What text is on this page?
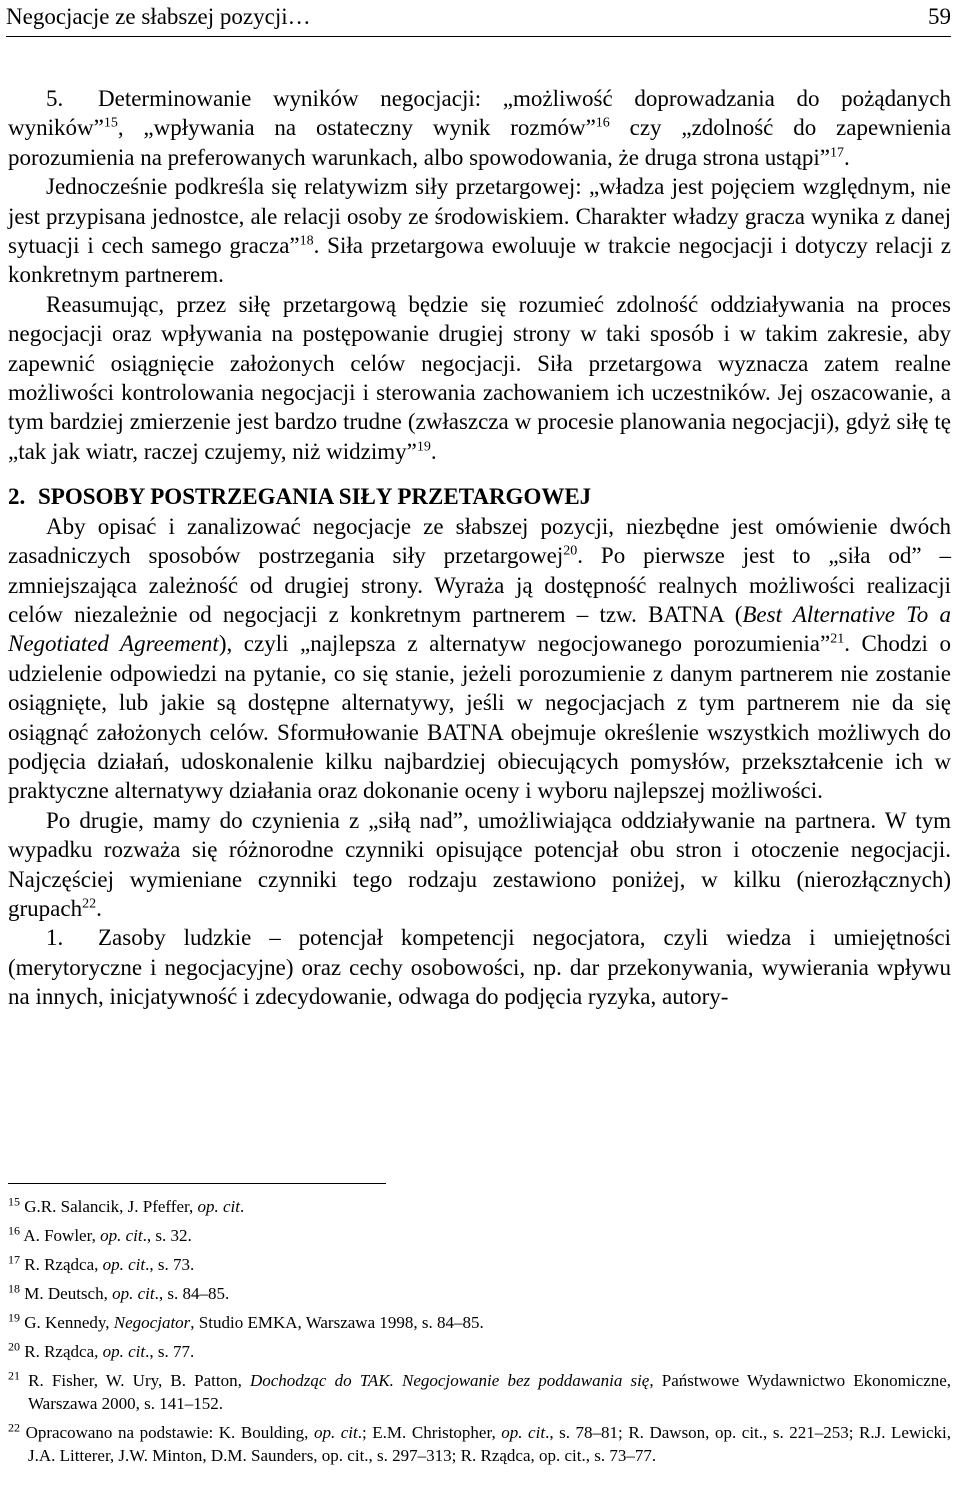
Negocjacje ze słabszej pozycji…	59

5. Determinowanie wyników negocjacji: „możliwość doprowadzania do pożądanych wyników”$^{15}$, „wpływania na ostateczny wynik rozmów”$^{16}$ czy „zdolność do zapewnienia porozumienia na preferowanych warunkach, albo spowodowania, że druga strona ustąpi”$^{17}$.

Jednocześnie podkreśla się relatywizm siły przetargowej: „władza jest pojęciem względnym, nie jest przypisana jednostce, ale relacji osoby ze środowiskiem. Charakter władzy gracza wynika z danej sytuacji i cech samego gracza”$^{18}$. Siła przetargowa ewoluuje w trakcie negocjacji i dotyczy relacji z konkretnym partnerem.

Reasumując, przez siłę przetargową będzie się rozumieć zdolność oddziaływania na proces negocjacji oraz wpływania na postępowanie drugiej strony w taki sposób i w takim zakresie, aby zapewnić osiągnięcie założonych celów negocjacji. Siła przetargowa wyznacza zatem realne możliwości kontrolowania negocjacji i sterowania zachowaniem ich uczestników. Jej oszacowanie, a tym bardziej zmierzenie jest bardzo trudne (zwłaszcza w procesie planowania negocjacji), gdyż siłę tę „tak jak wiatr, raczej czujemy, niż widzimy”$^{19}$.

2. SPOSOBY POSTRZEGANIA SIŁY PRZETARGOWEJ

Aby opisać i zanalizować negocjacje ze słabszej pozycji, niezbędne jest omówienie dwóch zasadniczych sposobów postrzegania siły przetargowej$^{20}$. Po pierwsze jest to „siła od” – zmniejszająca zależność od drugiej strony. Wyraża ją dostępność realnych możliwości realizacji celów niezależnie od negocjacji z konkretnym partnerem – tzw. BATNA (Best Alternative To a Negotiated Agreement), czyli „najlepsza z alternatyw negocjowanego porozumienia”$^{21}$. Chodzi o udzielenie odpowiedzi na pytanie, co się stanie, jeżeli porozumienie z danym partnerem nie zostanie osiągnięte, lub jakie są dostępne alternatywy, jeśli w negocjacjach z tym partnerem nie da się osiągnąć założonych celów. Sformułowanie BATNA obejmuje określenie wszystkich możliwych do podjęcia działań, udoskonalenie kilku najbardziej obiecujących pomysłów, przekształcenie ich w praktyczne alternatywy działania oraz dokonanie oceny i wyboru najlepszej możliwości.

Po drugie, mamy do czynienia z „siłą nad”, umożliwiająca oddziaływanie na partnera. W tym wypadku rozważa się różnorodne czynniki opisujące potencjał obu stron i otoczenie negocjacji. Najczęściej wymieniane czynniki tego rodzaju zestawiono poniżej, w kilku (nierozłącznych) grupach$^{22}$.

1. Zasoby ludzkie – potencjał kompetencji negocjatora, czyli wiedza i umiejętności (merytoryczne i negocjacyjne) oraz cechy osobowości, np. dar przekonywania, wywierania wpływu na innych, inicjatywność i zdecydowanie, odwaga do podjęcia ryzyka, autory-

$^{15}$ G.R. Salancik, J. Pfeffer, op. cit.

$^{16}$ A. Fowler, op. cit., s. 32.

$^{17}$ R. Rządca, op. cit., s. 73.

$^{18}$ M. Deutsch, op. cit., s. 84–85.

$^{19}$ G. Kennedy, Negocjator, Studio EMKA, Warszawa 1998, s. 84–85.

$^{20}$ R. Rządca, op. cit., s. 77.

$^{21}$ R. Fisher, W. Ury, B. Patton, Dochodząc do TAK. Negocjowanie bez poddawania się, Państwowe Wydawnictwo Ekonomiczne, Warszawa 2000, s. 141–152.

$^{22}$ Opracowano na podstawie: K. Boulding, op. cit.; E.M. Christopher, op. cit., s. 78–81; R. Dawson, op. cit., s. 221–253; R.J. Lewicki, J.A. Litterer, J.W. Minton, D.M. Saunders, op. cit., s. 297–313; R. Rządca, op. cit., s. 73–77.
